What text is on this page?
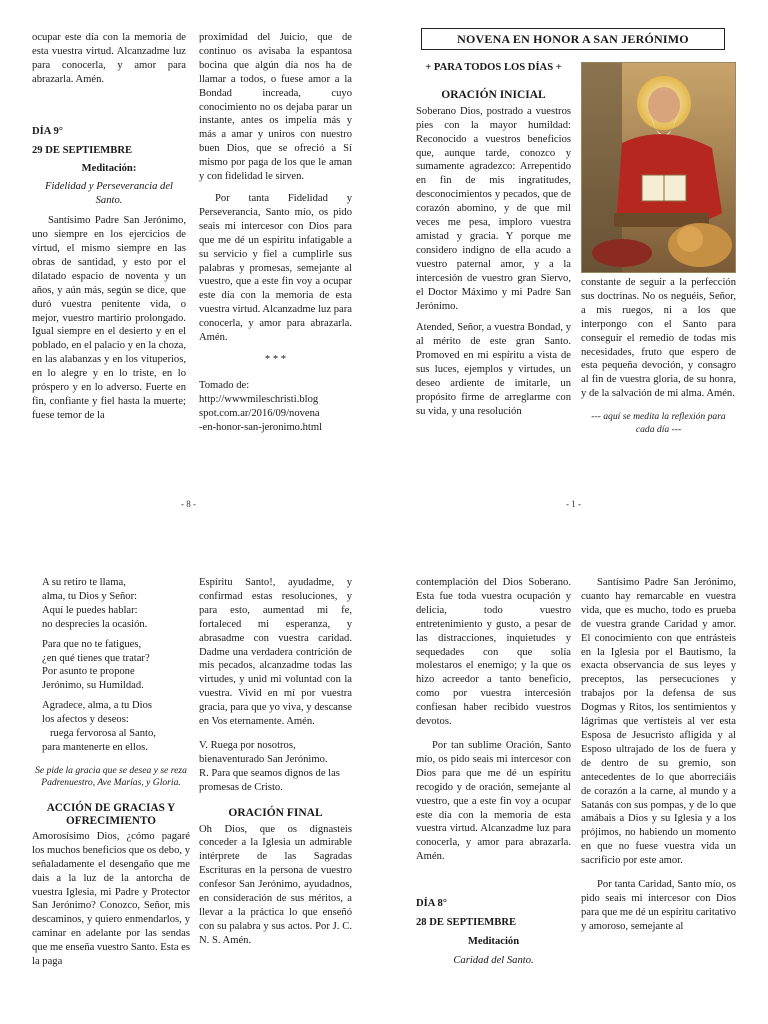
ocupar este día con la memoria de esta vuestra virtud. Alcanzadme luz para conocerla, y amor para abrazarla. Amén.

DÍA 9°

29 DE SEPTIEMBRE

Meditación:

Fidelidad y Perseverancia del Santo.

Santísimo Padre San Jerónimo, uno siempre en los ejercicios de virtud, el mismo siempre en las obras de santidad, y esto por el dilatado espacio de noventa y un años, y aún más, según se dice, que duró vuestra penitente vida, o mejor, vuestro martirio prolongado. Igual siempre en el desierto y en el poblado, en el palacio y en la choza, en las alabanzas y en los vituperios, en lo alegre y en lo triste, en lo próspero y en lo adverso. Fuerte en fin, confiante y fiel hasta la muerte; fuese temor de la

proximidad del Juicio, que de continuo os avisaba la espantosa bocina que algún día nos ha de llamar a todos, o fuese amor a la Bondad increada, cuyo conocimiento no os dejaba parar un instante, antes os impelía más y más a amar y uniros con nuestro buen Dios, que se ofreció a Sí mismo por paga de los que le aman y con fidelidad le sirven.

Por tanta Fidelidad y Perseverancia, Santo mío, os pido seais mi intercesor con Dios para que me dé un espíritu infatigable a su servicio y fiel a cumplirle sus palabras y promesas, semejante al vuestro, que a este fin voy a ocupar este día con la memoria de esta vuestra virtud. Alcanzadme luz para conocerla, y amor para abrazarla. Amén.

* * *

Tomado de:
http://wwwmileschristi.blog
spot.com.ar/2016/09/novena
-en-honor-san-jeronimo.html
- 8 -
NOVENA EN HONOR A SAN JERÓNIMO

+ PARA TODOS LOS DÍAS +

ORACIÓN INICIAL

Soberano Dios, postrado a vuestros pies con la mayor humildad: Reconocido a vuestros beneficios que, aunque tarde, conozco y sumamente agradezco: Arrepentido en fin de mis ingratitudes, desconocimientos y pecados, que de corazón abomino, y de que mil veces me pesa, imploro vuestra amistad y gracia. Y porque me considero indigno de ella acudo a vuestro paternal amor, y a la intercesión de vuestro gran Siervo, el Doctor Máximo y mi Padre San Jerónimo.

Atended, Señor, a vuestra Bondad, y al mérito de este gran Santo. Promoved en mi espíritu a vista de sus luces, ejemplos y virtudes, un deseo ardiente de imitarle, un propósito firme de arreglarme con su vida, y una resolución

constante de seguir a la perfección sus doctrinas. No os neguéis, Señor, a mis ruegos, ni a los que interpongo con el Santo para conseguir el remedio de todas mis necesidades, fruto que espero de esta pequeña devoción, y consagro al fin de vuestra gloria, de su honra, y de la salvación de mi alma. Amén.

--- aquí se medita la reflexión para cada día ---

- 1 -
A su retiro te llama,
alma, tu Dios y Señor:
Aquí le puedes hablar:
no desprecies la ocasión.
Para que no te fatigues,
¿en qué tienes que tratar?
Por asunto te propone
Jerónimo, su Humildad.
Agradece, alma, a tu Dios
los afectos y deseos:
ruega fervorosa al Santo,
para mantenerte en ellos.

Se pide la gracia que se desea y se reza Padrenuestro, Ave Marías, y Gloria.

ACCIÓN DE GRACIAS Y OFRECIMIENTO

Amorosísimo Dios, ¿cómo pagaré los muchos beneficios que os debo, y señaladamente el desengaño que me dais a la luz de la antorcha de vuestra Iglesia, mi Padre y Protector San Jerónimo? Conozco, Señor, mis descaminos, y quiero enmendarlos, y caminar en adelante por las sendas que me enseña vuestro Santo. Esta es la paga

Espíritu Santo!, ayudadme, y confirmad estas resoluciones, y para esto, aumentad mi fe, fortaleced mi esperanza, y abrasadme con vuestra caridad. Dadme una verdadera contrición de mis pecados, alcanzadme todas las virtudes, y unid mi voluntad con la vuestra. Vivid en mí por vuestra gracia, para que yo viva, y descanse en Vos eternamente. Amén.

V. Ruega por nosotros, bienaventurado San Jerónimo.

R. Para que seamos dignos de las promesas de Cristo.

ORACIÓN FINAL

Oh Dios, que os dignasteis conceder a la Iglesia un admirable intérprete de las Sagradas Escrituras en la persona de vuestro confesor San Jerónimo, ayudadnos, en consideración de sus méritos, a llevar a la práctica lo que enseñó con su palabra y sus actos. Por J. C. N. S. Amén.

contemplación del Dios Soberano. Esta fue toda vuestra ocupación y delicia, todo vuestro entretenimiento y gusto, a pesar de las distracciones, inquietudes y sequedades con que solía molestaros el enemigo; y la que os hizo acreedor a tanto beneficio, como por vuestra intercesión confiesan haber recibido vuestros devotos.

Por tan sublime Oración, Santo mío, os pido seais mi intercesor con Dios para que me dé un espíritu recogido y de oración, semejante al vuestro, que a este fin voy a ocupar este día con la memoria de esta vuestra virtud. Alcanzadme luz para conocerla, y amor para abrazarla. Amén.

DÍA 8°

28 DE SEPTIEMBRE

Meditación

Caridad del Santo.

Santísimo Padre San Jerónimo, cuanto hay remarcable en vuestra vida, que es mucho, todo es prueba de vuestra grande Caridad y amor. El conocimiento con que entrásteis en la Iglesia por el Bautismo, la exacta observancia de sus leyes y preceptos, las persecuciones y trabajos por la defensa de sus Dogmas y Ritos, los sentimientos y lágrimas que vertísteis al ver esta Esposa de Jesucristo afligida y al Esposo ultrajado de los de fuera y de dentro de su gremio, son antecedentes de lo que aborreciáis de corazón a la carne, al mundo y a Satanás con sus pompas, y de lo que amábais a Dios y su Iglesia y a los prójimos, no habiendo un momento en que no fuese vuestra vida un sacrificio por este amor.

Por tanta Caridad, Santo mío, os pido seais mi intercesor con Dios para que me dé un espíritu caritativo y amoroso, semejante al
